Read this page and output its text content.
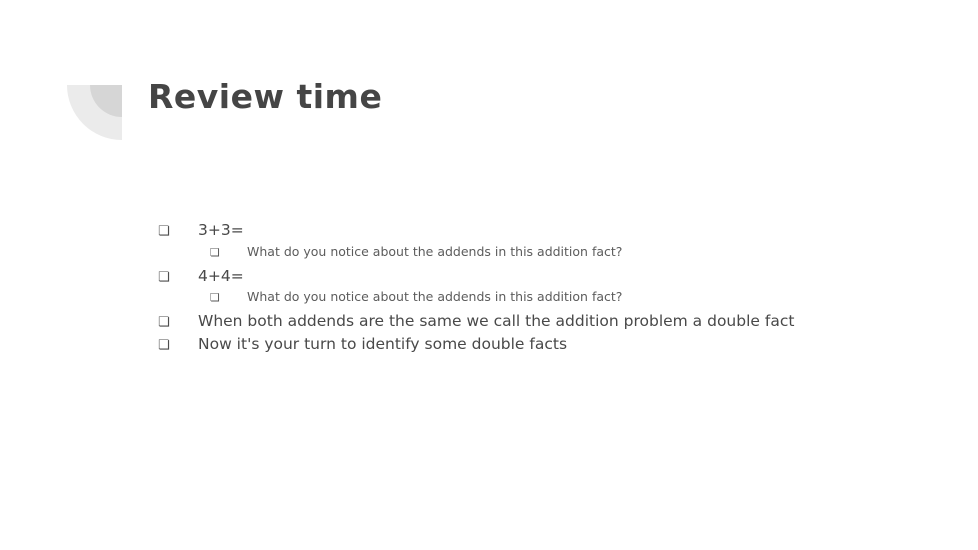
Review time
❏	3+3=
❏	What do you notice about the addends in this addition fact?
❏	4+4=
❏	What do you notice about the addends in this addition fact?
❏	When both addends are the same we call the addition problem a double fact
❏	Now it's your turn to identify some double facts
